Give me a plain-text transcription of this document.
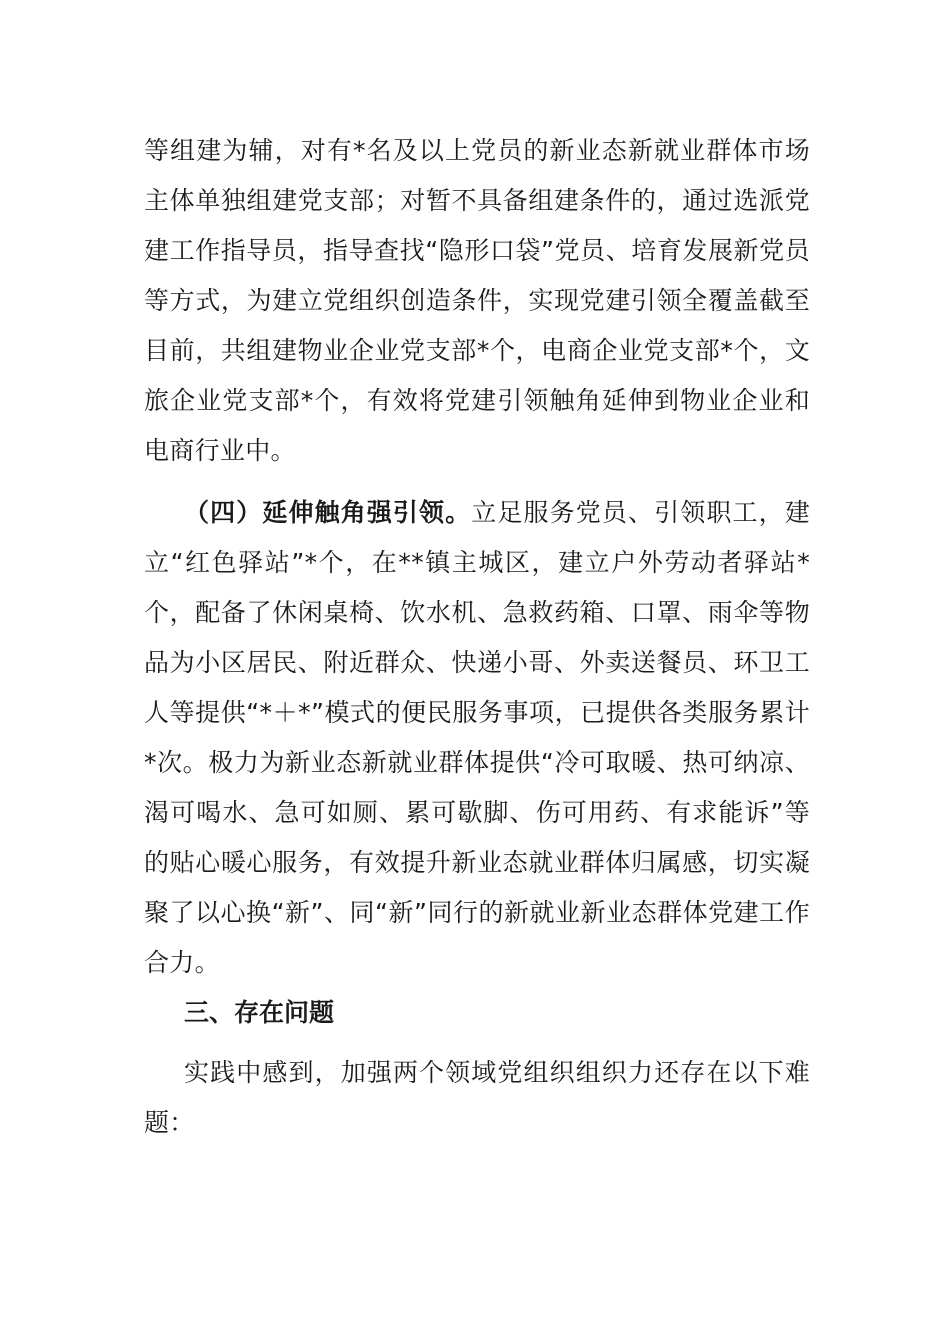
等组建为辅，对有*名及以上党员的新业态新就业群体市场主体单独组建党支部；对暂不具备组建条件的，通过选派党建工作指导员，指导查找“隐形口袋”党员、培育发展新党员等方式，为建立党组织创造条件，实现党建引领全覆盖截至目前，共组建物业企业党支部*个，电商企业党支部*个，文旅企业党支部*个，有效将党建引领触角延伸到物业企业和电商行业中。

（四）延伸触角强引领。立足服务党员、引领职工，建立“红色驿站”*个，在**镇主城区，建立户外劳动者驿站*个，配备了休闲桌椅、饮水机、急救药箱、口罩、雨伞等物品为小区居民、附近群众、快递小哥、外卖送餐员、环卫工人等提供“*＋*”模式的便民服务事项，已提供各类服务累计*次。极力为新业态新就业群体提供“冷可取暖、热可纳凉、渴可喝水、急可如厕、累可歇脚、伤可用药、有求能诉”等的贴心暖心服务，有效提升新业态就业群体归属感，切实凝聚了以心换“新”、同“新”同行的新就业新业态群体党建工作合力。

三、存在问题

实践中感到，加强两个领域党组织组织力还存在以下难题：
